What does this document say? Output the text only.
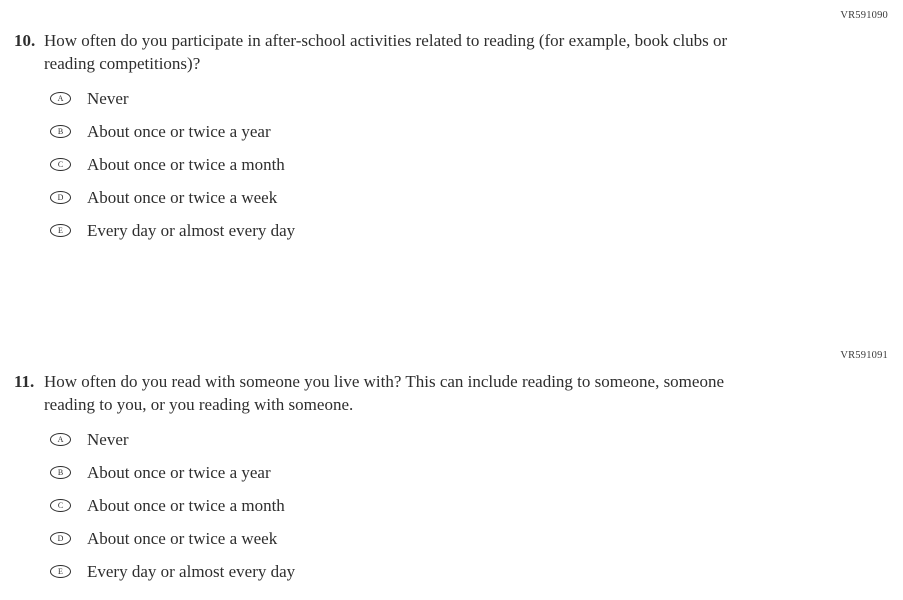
VR591090
10. How often do you participate in after-school activities related to reading (for example, book clubs or reading competitions)?
A	Never
B	About once or twice a year
C	About once or twice a month
D	About once or twice a week
E	Every day or almost every day
VR591091
11. How often do you read with someone you live with? This can include reading to someone, someone reading to you, or you reading with someone.
A	Never
B	About once or twice a year
C	About once or twice a month
D	About once or twice a week
E	Every day or almost every day
